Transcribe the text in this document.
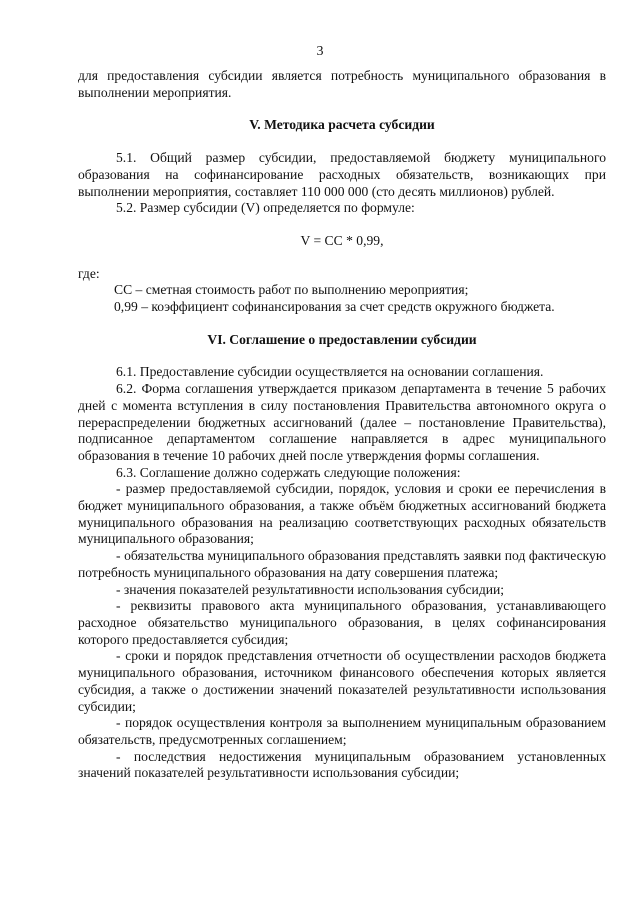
3

для предоставления субсидии является потребность муниципального образования в выполнении мероприятия.

V. Методика расчета субсидии

5.1. Общий размер субсидии, предоставляемой бюджету муниципального образования на софинансирование расходных обязательств, возникающих при выполнении мероприятия, составляет 110 000 000 (сто десять миллионов) рублей.

5.2. Размер субсидии (V) определяется по формуле:

V = CC * 0,99,

где:

CC – сметная стоимость работ по выполнению мероприятия;

0,99 – коэффициент софинансирования за счет средств окружного бюджета.

VI. Соглашение о предоставлении субсидии

6.1. Предоставление субсидии осуществляется на основании соглашения.

6.2. Форма соглашения утверждается приказом департамента в течение 5 рабочих дней с момента вступления в силу постановления Правительства автономного округа о перераспределении бюджетных ассигнований (далее – постановление Правительства), подписанное департаментом соглашение направляется в адрес муниципального образования в течение 10 рабочих дней после утверждения формы соглашения.

6.3. Соглашение должно содержать следующие положения:

- размер предоставляемой субсидии, порядок, условия и сроки ее перечисления в бюджет муниципального образования, а также объём бюджетных ассигнований бюджета муниципального образования на реализацию соответствующих расходных обязательств муниципального образования;

- обязательства муниципального образования представлять заявки под фактическую потребность муниципального образования на дату совершения платежа;

- значения показателей результативности использования субсидии;

- реквизиты правового акта муниципального образования, устанавливающего расходное обязательство муниципального образования, в целях софинансирования которого предоставляется субсидия;

- сроки и порядок представления отчетности об осуществлении расходов бюджета муниципального образования, источником финансового обеспечения которых является субсидия, а также о достижении значений показателей результативности использования субсидии;

- порядок осуществления контроля за выполнением муниципальным образованием обязательств, предусмотренных соглашением;

- последствия недостижения муниципальным образованием установленных значений показателей результативности использования субсидии;
